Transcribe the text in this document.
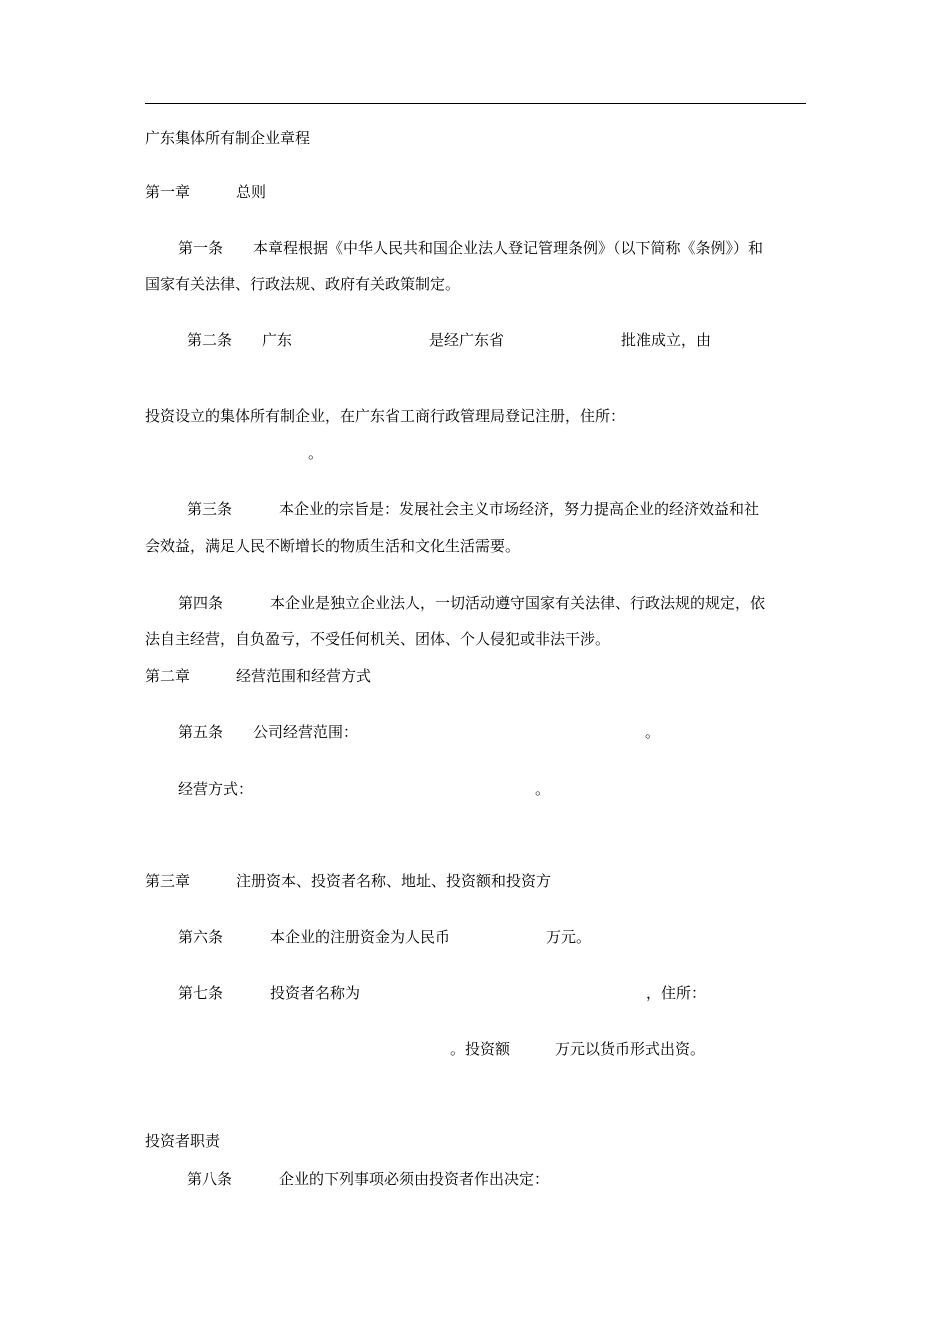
广东集体所有制企业章程
第一章	总则
第一条 本章程根据《中华人民共和国企业法人登记管理条例》（以下简称《条例》）和
国家有关法律、行政法规、政府有关政策制定。
第二条 广东	是经广东省	批准成立，由
投资设立的集体所有制企业，在广东省工商行政管理局登记注册，住所：
。
第三条	本企业的宗旨是：发展社会主义市场经济，努力提高企业的经济效益和社
会效益，满足人民不断增长的物质生活和文化生活需要。
第四条	本企业是独立企业法人，一切活动遵守国家有关法律、行政法规的规定，依
法自主经营，自负盈亏，不受任何机关、团体、个人侵犯或非法干涉。
第二章	经营范围和经营方式
第五条 公司经营范围：	。
经营方式：	。
第三章	注册资本、投资者名称、地址、投资额和投资方
第六条	本企业的注册资金为人民币	万元。
第七条	投资者名称为	，住所：
。投资额	万元以货币形式出资。
投资者职责
第八条	企业的下列事项必须由投资者作出决定：
